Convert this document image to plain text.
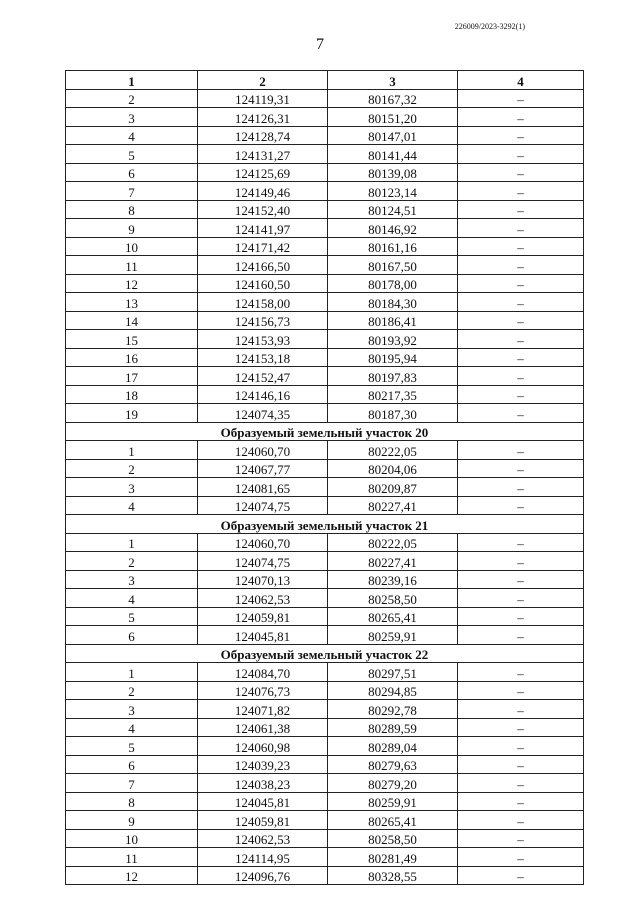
226009/2023-3292(1)
7
1	2	3	4
2	124119,31	80167,32	–
3	124126,31	80151,20	–
4	124128,74	80147,01	–
5	124131,27	80141,44	–
6	124125,69	80139,08	–
7	124149,46	80123,14	–
8	124152,40	80124,51	–
9	124141,97	80146,92	–
10	124171,42	80161,16	–
11	124166,50	80167,50	–
12	124160,50	80178,00	–
13	124158,00	80184,30	–
14	124156,73	80186,41	–
15	124153,93	80193,92	–
16	124153,18	80195,94	–
17	124152,47	80197,83	–
18	124146,16	80217,35	–
19	124074,35	80187,30	–
Образуемый земельный участок 20			
1	124060,70	80222,05	–
2	124067,77	80204,06	–
3	124081,65	80209,87	–
4	124074,75	80227,41	–
Образуемый земельный участок 21			
1	124060,70	80222,05	–
2	124074,75	80227,41	–
3	124070,13	80239,16	–
4	124062,53	80258,50	–
5	124059,81	80265,41	–
6	124045,81	80259,91	–
Образуемый земельный участок 22			
1	124084,70	80297,51	–
2	124076,73	80294,85	–
3	124071,82	80292,78	–
4	124061,38	80289,59	–
5	124060,98	80289,04	–
6	124039,23	80279,63	–
7	124038,23	80279,20	–
8	124045,81	80259,91	–
9	124059,81	80265,41	–
10	124062,53	80258,50	–
11	124114,95	80281,49	–
12	124096,76	80328,55	–
